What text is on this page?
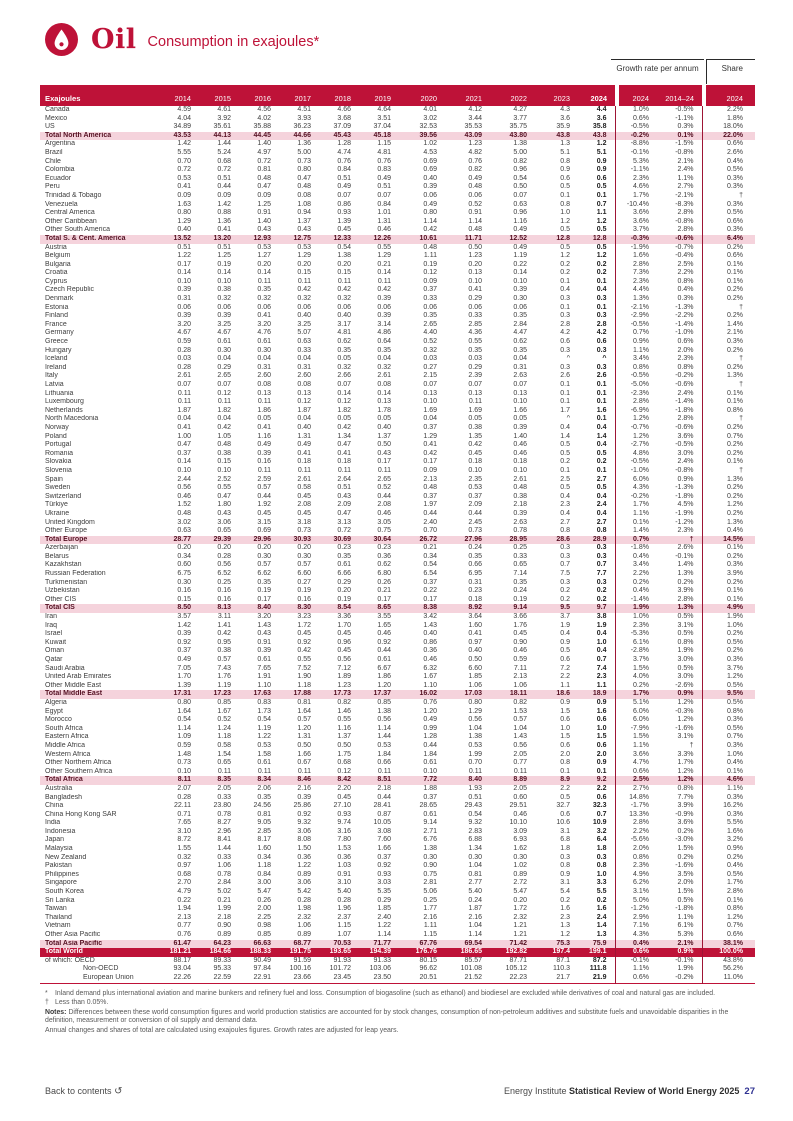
Oil Consumption in exajoules*
Growth rate per annum	Share
Exajoules	2014	2015	2016	2017	2018	2019	2020	2021	2022	2023	2024		2024	2014–24		2024
Canada	4.59	4.61	4.56	4.51	4.66	4.64	4.01	4.12	4.27	4.3	4.4		1.0%	-0.5%		2.2%
Mexico	4.04	3.92	4.02	3.93	3.68	3.51	3.02	3.44	3.77	3.6	3.6		0.6%	-1.1%		1.8%
US	34.89	35.61	35.88	36.23	37.09	37.04	32.53	35.53	35.75	35.9	35.8		-0.5%	0.3%		18.0%
Total North America	43.53	44.13	44.45	44.66	45.43	45.18	39.56	43.09	43.80	43.8	43.8		-0.2%	0.1%		22.0%
Argentina	1.42	1.44	1.40	1.36	1.28	1.15	1.02	1.23	1.38	1.3	1.2		-8.8%	-1.5%		0.6%
Brazil	5.55	5.24	4.97	5.00	4.74	4.81	4.53	4.82	5.00	5.1	5.1		-0.1%	-0.8%		2.6%
Chile	0.70	0.68	0.72	0.73	0.76	0.76	0.69	0.76	0.82	0.8	0.9		5.3%	2.1%		0.4%
Colombia	0.72	0.72	0.81	0.80	0.84	0.83	0.69	0.82	0.96	0.9	0.9		-1.1%	2.4%		0.5%
Ecuador	0.53	0.51	0.48	0.47	0.51	0.49	0.40	0.49	0.54	0.6	0.6		2.3%	1.1%		0.3%
Peru	0.41	0.44	0.47	0.48	0.49	0.51	0.39	0.48	0.50	0.5	0.5		4.6%	2.7%		0.3%
Trinidad & Tobago	0.09	0.09	0.09	0.08	0.07	0.07	0.06	0.06	0.07	0.1	0.1		1.7%	-2.1%		†
Venezuela	1.63	1.42	1.25	1.08	0.86	0.84	0.49	0.52	0.63	0.8	0.7		-10.4%	-8.3%		0.3%
Central America	0.80	0.88	0.91	0.94	0.93	1.01	0.80	0.91	0.96	1.0	1.1		3.6%	2.8%		0.5%
Other Caribbean	1.29	1.36	1.40	1.37	1.39	1.31	1.14	1.14	1.16	1.2	1.2		3.6%	-0.8%		0.6%
Other South America	0.40	0.41	0.43	0.43	0.45	0.46	0.42	0.48	0.49	0.5	0.5		3.7%	2.8%		0.3%
Total S. & Cent. America	13.52	13.20	12.93	12.75	12.33	12.26	10.61	11.71	12.52	12.8	12.8		-0.3%	-0.6%		6.4%
Austria	0.51	0.51	0.53	0.53	0.54	0.55	0.48	0.50	0.49	0.5	0.5		-1.9%	-0.7%		0.2%
Belgium	1.22	1.25	1.27	1.29	1.38	1.29	1.11	1.23	1.19	1.2	1.2		1.6%	-0.4%		0.6%
Bulgaria	0.17	0.19	0.20	0.20	0.20	0.21	0.19	0.20	0.22	0.2	0.2		2.8%	2.5%		0.1%
Croatia	0.14	0.14	0.14	0.15	0.15	0.14	0.12	0.13	0.14	0.2	0.2		7.3%	2.2%		0.1%
Cyprus	0.10	0.10	0.11	0.11	0.11	0.11	0.09	0.10	0.10	0.1	0.1		2.3%	0.8%		0.1%
Czech Republic	0.39	0.38	0.35	0.42	0.42	0.42	0.37	0.41	0.39	0.4	0.4		4.4%	0.4%		0.2%
Denmark	0.31	0.32	0.32	0.32	0.32	0.39	0.33	0.29	0.30	0.3	0.3		1.3%	0.3%		0.2%
Estonia	0.06	0.06	0.06	0.06	0.06	0.06	0.06	0.06	0.06	0.1	0.1		-2.1%	-1.3%		†
Finland	0.39	0.39	0.41	0.40	0.40	0.39	0.35	0.33	0.35	0.3	0.3		-2.9%	-2.2%		0.2%
France	3.20	3.25	3.20	3.25	3.17	3.14	2.65	2.85	2.84	2.8	2.8		-0.5%	-1.4%		1.4%
Germany	4.67	4.67	4.76	5.07	4.81	4.86	4.40	4.36	4.47	4.2	4.2		0.7%	-1.0%		2.1%
Greece	0.59	0.61	0.61	0.63	0.62	0.64	0.52	0.55	0.62	0.6	0.6		0.9%	0.6%		0.3%
Hungary	0.28	0.30	0.30	0.33	0.35	0.35	0.32	0.35	0.35	0.3	0.3		1.1%	2.0%		0.2%
Iceland	0.03	0.04	0.04	0.04	0.05	0.04	0.03	0.03	0.04	^	^		3.4%	2.3%		†
Ireland	0.28	0.29	0.31	0.31	0.32	0.32	0.27	0.29	0.31	0.3	0.3		0.8%	0.8%		0.2%
Italy	2.61	2.65	2.60	2.60	2.66	2.61	2.15	2.39	2.63	2.6	2.6		-0.5%	-0.2%		1.3%
Latvia	0.07	0.07	0.08	0.08	0.07	0.08	0.07	0.07	0.07	0.1	0.1		-5.0%	-0.6%		†
Lithuania	0.11	0.12	0.13	0.13	0.14	0.14	0.13	0.13	0.13	0.1	0.1		-2.3%	2.4%		0.1%
Luxembourg	0.11	0.11	0.11	0.12	0.12	0.13	0.10	0.11	0.10	0.1	0.1		2.8%	-1.4%		0.1%
Netherlands	1.87	1.82	1.86	1.87	1.82	1.78	1.69	1.69	1.66	1.7	1.6		-6.9%	-1.8%		0.8%
North Macedonia	0.04	0.04	0.05	0.04	0.05	0.05	0.04	0.05	0.05	^	0.1		1.2%	2.8%		†
Norway	0.41	0.42	0.41	0.40	0.42	0.40	0.37	0.38	0.39	0.4	0.4		-0.7%	-0.6%		0.2%
Poland	1.00	1.05	1.16	1.31	1.34	1.37	1.29	1.35	1.40	1.4	1.4		1.2%	3.6%		0.7%
Portugal	0.47	0.48	0.49	0.49	0.47	0.50	0.41	0.42	0.46	0.5	0.4		-2.7%	-0.5%		0.2%
Romania	0.37	0.38	0.39	0.41	0.41	0.43	0.42	0.45	0.46	0.5	0.5		4.8%	3.0%		0.2%
Slovakia	0.14	0.15	0.16	0.18	0.18	0.17	0.17	0.18	0.18	0.2	0.2		-0.5%	2.4%		0.1%
Slovenia	0.10	0.10	0.11	0.11	0.11	0.11	0.09	0.10	0.10	0.1	0.1		-1.0%	-0.8%		†
Spain	2.44	2.52	2.59	2.61	2.64	2.65	2.13	2.35	2.61	2.5	2.7		6.0%	0.9%		1.3%
Sweden	0.56	0.55	0.57	0.58	0.51	0.52	0.48	0.53	0.48	0.5	0.5		4.3%	-1.3%		0.2%
Switzerland	0.46	0.47	0.44	0.45	0.43	0.44	0.37	0.37	0.38	0.4	0.4		-0.2%	-1.8%		0.2%
Türkiye	1.52	1.80	1.92	2.08	2.09	2.08	1.97	2.09	2.18	2.3	2.4		1.7%	4.5%		1.2%
Ukraine	0.48	0.43	0.45	0.45	0.47	0.46	0.44	0.44	0.39	0.4	0.4		1.1%	-1.9%		0.2%
United Kingdom	3.02	3.06	3.15	3.18	3.13	3.05	2.40	2.45	2.63	2.7	2.7		0.1%	-1.2%		1.3%
Other Europe	0.63	0.65	0.69	0.73	0.72	0.75	0.70	0.73	0.78	0.8	0.8		1.4%	2.3%		0.4%
Total Europe	28.77	29.39	29.96	30.93	30.69	30.64	26.72	27.96	28.95	28.6	28.9		0.7%	†		14.5%
Azerbaijan	0.20	0.20	0.20	0.20	0.23	0.23	0.21	0.24	0.25	0.3	0.3		-1.8%	2.6%		0.1%
Belarus	0.34	0.28	0.30	0.30	0.35	0.36	0.34	0.35	0.33	0.3	0.3		0.4%	-0.1%		0.2%
Kazakhstan	0.60	0.56	0.57	0.57	0.61	0.62	0.54	0.66	0.65	0.7	0.7		3.4%	1.4%		0.3%
Russian Federation	6.75	6.52	6.62	6.60	6.66	6.80	6.54	6.95	7.14	7.5	7.7		2.2%	1.3%		3.9%
Turkmenistan	0.30	0.25	0.35	0.27	0.29	0.26	0.37	0.31	0.35	0.3	0.3		0.2%	0.2%		0.2%
Uzbekistan	0.16	0.16	0.19	0.19	0.20	0.21	0.22	0.23	0.24	0.2	0.2		0.4%	3.9%		0.1%
Other CIS	0.15	0.16	0.17	0.16	0.19	0.17	0.17	0.18	0.19	0.2	0.2		-1.4%	2.8%		0.1%
Total CIS	8.50	8.13	8.40	8.30	8.54	8.65	8.38	8.92	9.14	9.5	9.7		1.9%	1.3%		4.9%
Iran	3.57	3.11	3.20	3.23	3.36	3.55	3.42	3.64	3.66	3.7	3.8		1.0%	0.5%		1.9%
Iraq	1.42	1.41	1.43	1.72	1.70	1.65	1.43	1.60	1.76	1.9	1.9		2.3%	3.1%		1.0%
Israel	0.39	0.42	0.43	0.45	0.45	0.46	0.40	0.41	0.45	0.4	0.4		-5.3%	0.5%		0.2%
Kuwait	0.92	0.95	0.91	0.92	0.96	0.92	0.86	0.97	0.90	0.9	1.0		6.1%	0.8%		0.5%
Oman	0.37	0.38	0.39	0.42	0.45	0.44	0.36	0.40	0.46	0.5	0.4		-2.8%	1.9%		0.2%
Qatar	0.49	0.57	0.61	0.55	0.56	0.61	0.46	0.50	0.59	0.6	0.7		3.7%	3.0%		0.3%
Saudi Arabia	7.05	7.43	7.65	7.52	7.12	6.67	6.32	6.60	7.11	7.2	7.4		1.5%	0.5%		3.7%
United Arab Emirates	1.70	1.76	1.91	1.90	1.89	1.86	1.67	1.85	2.13	2.2	2.3		4.0%	3.0%		1.2%
Other Middle East	1.39	1.19	1.10	1.18	1.23	1.20	1.10	1.06	1.06	1.1	1.1		0.2%	-2.6%		0.5%
Total Middle East	17.31	17.23	17.63	17.88	17.73	17.37	16.02	17.03	18.11	18.6	18.9		1.7%	0.9%		9.5%
Algeria	0.80	0.85	0.83	0.81	0.82	0.85	0.76	0.80	0.82	0.9	0.9		5.1%	1.2%		0.5%
Egypt	1.64	1.67	1.73	1.64	1.46	1.38	1.20	1.29	1.53	1.5	1.6		6.0%	-0.3%		0.8%
Morocco	0.54	0.52	0.54	0.57	0.55	0.56	0.49	0.56	0.57	0.6	0.6		6.0%	1.2%		0.3%
South Africa	1.14	1.24	1.19	1.20	1.16	1.14	0.99	1.04	1.04	1.0	1.0		-7.9%	-1.6%		0.5%
Eastern Africa	1.09	1.18	1.22	1.31	1.37	1.44	1.28	1.38	1.43	1.5	1.5		1.5%	3.1%		0.7%
Middle Africa	0.59	0.58	0.53	0.50	0.50	0.53	0.44	0.53	0.56	0.6	0.6		1.1%	†		0.3%
Western Africa	1.48	1.54	1.58	1.66	1.75	1.84	1.84	1.99	2.05	2.0	2.0		3.6%	3.3%		1.0%
Other Northern Africa	0.73	0.65	0.61	0.67	0.68	0.66	0.61	0.70	0.77	0.8	0.9		4.7%	1.7%		0.4%
Other Southern Africa	0.10	0.11	0.11	0.11	0.12	0.11	0.10	0.11	0.11	0.1	0.1		0.6%	1.2%		0.1%
Total Africa	8.11	8.35	8.34	8.46	8.42	8.51	7.72	8.40	8.89	8.9	9.2		2.5%	1.2%		4.6%
Australia	2.07	2.05	2.06	2.16	2.20	2.18	1.88	1.93	2.05	2.2	2.2		2.7%	0.8%		1.1%
Bangladesh	0.28	0.33	0.35	0.39	0.45	0.44	0.37	0.51	0.60	0.5	0.6		14.8%	7.7%		0.3%
China	22.11	23.80	24.56	25.86	27.10	28.41	28.65	29.43	29.51	32.7	32.3		-1.7%	3.9%		16.2%
China Hong Kong SAR	0.71	0.78	0.81	0.92	0.93	0.87	0.61	0.54	0.46	0.6	0.7		13.3%	-0.9%		0.3%
India	7.65	8.27	9.05	9.32	9.74	10.05	9.14	9.32	10.10	10.6	10.9		2.8%	3.6%		5.5%
Indonesia	3.10	2.96	2.85	3.06	3.16	3.08	2.71	2.83	3.09	3.1	3.2		2.2%	0.2%		1.6%
Japan	8.72	8.41	8.17	8.08	7.80	7.60	6.76	6.88	6.93	6.8	6.4		-5.6%	-3.0%		3.2%
Malaysia	1.55	1.44	1.60	1.50	1.53	1.66	1.38	1.34	1.62	1.8	1.8		2.0%	1.5%		0.9%
New Zealand	0.32	0.33	0.34	0.36	0.36	0.37	0.30	0.30	0.30	0.3	0.3		0.8%	0.2%		0.2%
Pakistan	0.97	1.06	1.18	1.22	1.03	0.92	0.90	1.04	1.02	0.8	0.8		2.3%	-1.6%		0.4%
Philippines	0.68	0.78	0.84	0.89	0.91	0.93	0.75	0.81	0.89	0.9	1.0		4.9%	3.5%		0.5%
Singapore	2.70	2.84	3.00	3.06	3.10	3.03	2.81	2.77	2.72	3.1	3.3		6.2%	2.0%		1.7%
South Korea	4.79	5.02	5.47	5.42	5.40	5.35	5.06	5.40	5.47	5.4	5.5		3.1%	1.5%		2.8%
Sri Lanka	0.22	0.21	0.26	0.28	0.28	0.29	0.25	0.24	0.20	0.2	0.2		5.0%	0.5%		0.1%
Taiwan	1.94	1.99	2.00	1.98	1.96	1.85	1.77	1.87	1.72	1.6	1.6		-1.2%	-1.8%		0.8%
Thailand	2.13	2.18	2.25	2.32	2.37	2.40	2.16	2.16	2.32	2.3	2.4		2.9%	1.1%		1.2%
Vietnam	0.77	0.90	0.98	1.06	1.15	1.22	1.11	1.04	1.21	1.3	1.4		7.1%	6.1%		0.7%
Other Asia Pacific	0.76	0.89	0.85	0.89	1.07	1.14	1.15	1.14	1.21	1.2	1.3		4.3%	5.3%		0.6%
Total Asia Pacific	61.47	64.23	66.63	68.77	70.53	71.77	67.76	69.54	71.42	75.3	75.9		0.4%	2.1%		38.1%
Total World	181.21	184.66	188.33	191.75	193.65	194.39	176.76	186.65	192.82	197.4	199.1		0.6%	0.9%		100.0%
of which: OECD	88.17	89.33	90.49	91.59	91.93	91.33	80.15	85.57	87.71	87.1	87.2		-0.1%	-0.1%		43.8%
Non-OECD	93.04	95.33	97.84	100.16	101.72	103.06	96.62	101.08	105.12	110.3	111.8		1.1%	1.9%		56.2%
European Union	22.26	22.59	22.91	23.66	23.45	23.50	20.51	21.52	22.23	21.7	21.9		0.6%	-0.2%		11.0%
* Inland demand plus international aviation and marine bunkers and refinery fuel and loss. Consumption of biogasoline (such as ethanol) and biodiesel are excluded while derivatives of coal and natural gas are included.
† Less than 0.05%.
Notes: Differences between these world consumption figures and world production statistics are accounted for by stock changes, consumption of non-petroleum additives and substitute fuels and unavoidable disparities in the definition, measurement or conversion of oil supply and demand data.
Annual changes and shares of total are calculated using exajoules figures. Growth rates are adjusted for leap years.
Back to contents ↺	Energy Institute Statistical Review of World Energy 2025 27
